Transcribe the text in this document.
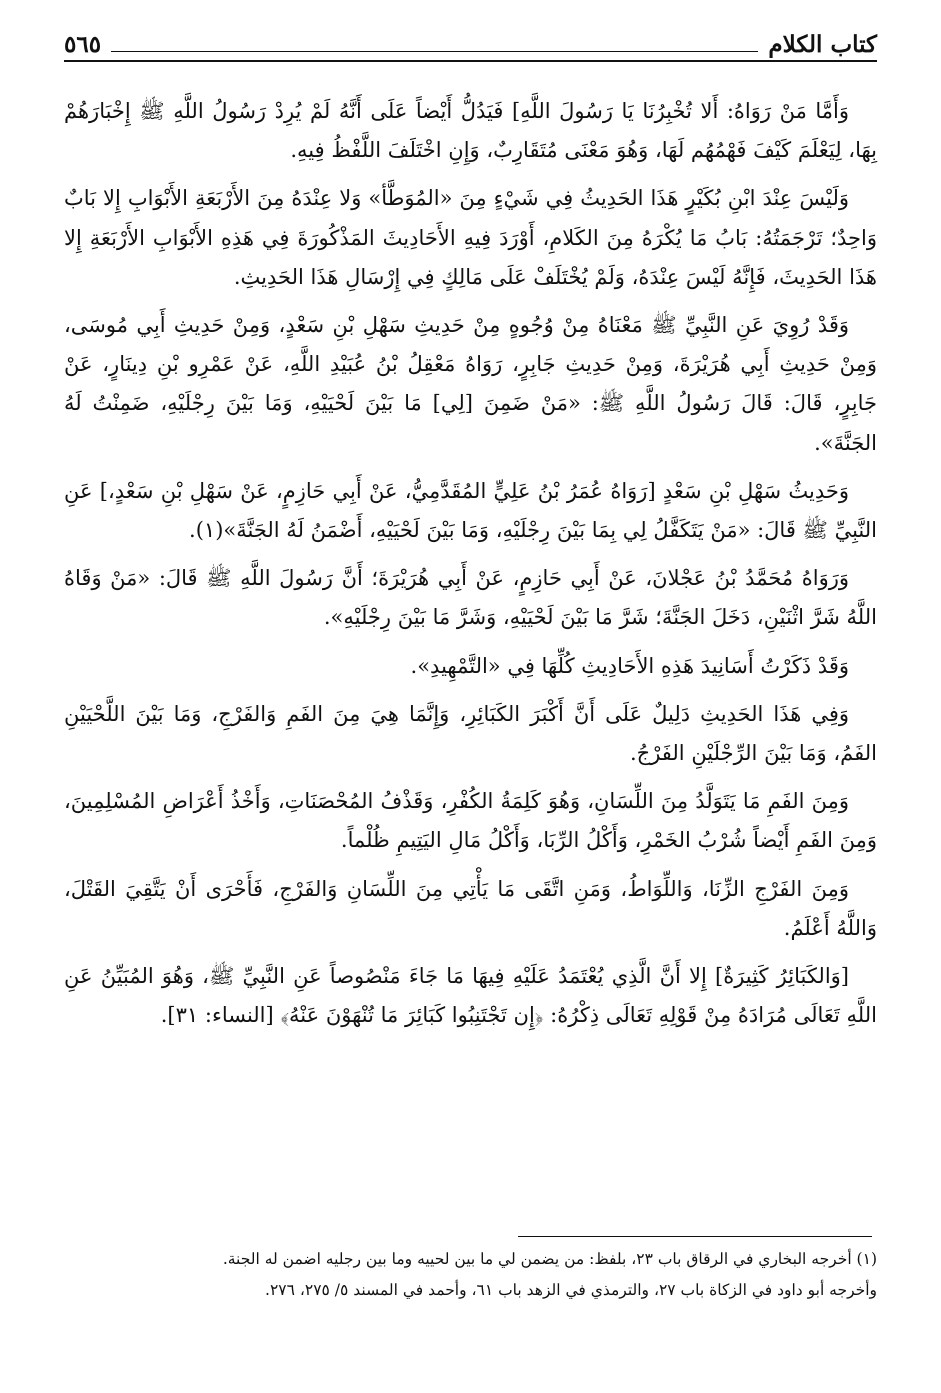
كتاب الكلام
٥٦٥

وَأَمَّا مَنْ رَوَاهُ: أَلا تُخْبِرُنَا يَا رَسُولَ اللَّهِ] فَيَدُلُّ أَيْضاً عَلَى أَنَّهُ لَمْ يُرِدْ رَسُولُ اللَّهِ ﷺ إِخْبَارَهُمْ بِهَا، لِيَعْلَمَ كَيْفَ فَهْمُهُم لَهَا، وَهُوَ مَعْنَى مُتَقَارِبٌ، وَإِنِ اخْتَلَفَ اللَّفْظُ فِيهِ.

وَلَيْسَ عِنْدَ ابْنِ بُكَيْرٍ هَذَا الحَدِيثُ فِي شَيْءٍ مِنَ «المُوَطَّأ» وَلا عِنْدَهُ مِنَ الأَرْبَعَةِ الأَبْوَابِ إِلا بَابٌ وَاحِدٌ؛ تَرْجَمَتُهُ: بَابُ مَا يُكْرَهُ مِنَ الكَلامِ، أَوْرَدَ فِيهِ الأَحَادِيثَ المَذْكُورَةَ فِي هَذِهِ الأَبْوَابِ الأَرْبَعَةِ إِلا هَذَا الحَدِيثَ، فَإِنَّهُ لَيْسَ عِنْدَهُ، وَلَمْ يُخْتَلَفْ عَلَى مَالِكٍ فِي إِرْسَالِ هَذَا الحَدِيثِ.

وَقَدْ رُوِيَ عَنِ النَّبِيِّ ﷺ مَعْنَاهُ مِنْ وُجُوهٍ مِنْ حَدِيثِ سَهْلِ بْنِ سَعْدٍ، وَمِنْ حَدِيثِ أَبِي مُوسَى، وَمِنْ حَدِيثِ أَبِي هُرَيْرَةَ، وَمِنْ حَدِيثِ جَابِرٍ، رَوَاهُ مَعْقِلُ بْنُ عُبَيْدِ اللَّهِ، عَنْ عَمْرِو بْنِ دِينَارٍ، عَنْ جَابِرٍ، قَالَ: قَالَ رَسُولُ اللَّهِ ﷺ: «مَنْ ضَمِنَ [لِي] مَا بَيْنَ لَحْيَيْهِ، وَمَا بَيْنَ رِجْلَيْهِ، ضَمِنْتُ لَهُ الجَنَّةَ».

وَحَدِيثُ سَهْلِ بْنِ سَعْدٍ [رَوَاهُ عُمَرُ بْنُ عَلِيٍّ المُقَدَّمِيُّ، عَنْ أَبِي حَازِمٍ، عَنْ سَهْلِ بْنِ سَعْدٍ،] عَنِ النَّبِيِّ ﷺ قَالَ: «مَنْ يَتَكَفَّلُ لِي بِمَا بَيْنَ رِجْلَيْهِ، وَمَا بَيْنَ لَحْيَيْهِ، أَضْمَنُ لَهُ الجَنَّةَ»(١).

وَرَوَاهُ مُحَمَّدُ بْنُ عَجْلانَ، عَنْ أَبِي حَازِمٍ، عَنْ أَبِي هُرَيْرَةَ؛ أَنَّ رَسُولَ اللَّهِ ﷺ قَالَ: «مَنْ وَقَاهُ اللَّهُ شَرَّ اثْنَيْنِ، دَخَلَ الجَنَّةَ؛ شَرَّ مَا بَيْنَ لَحْيَيْهِ، وَشَرَّ مَا بَيْنَ رِجْلَيْهِ».

وَقَدْ ذَكَرْتُ أَسَانِيدَ هَذِهِ الأَحَادِيثِ كُلِّهَا فِي «التَّمْهِيدِ».

وَفِي هَذَا الحَدِيثِ دَلِيلٌ عَلَى أَنَّ أَكْبَرَ الكَبَائِرِ، وَإِنَّمَا هِيَ مِنَ الفَمِ وَالفَرْجِ، وَمَا بَيْنَ اللَّحْيَيْنِ الفَمُ، وَمَا بَيْنَ الرِّجْلَيْنِ الفَرْجُ.

وَمِنَ الفَمِ مَا يَتَوَلَّدُ مِنَ اللِّسَانِ، وَهُوَ كَلِمَةُ الكُفْرِ، وَقَذْفُ المُحْصَنَاتِ، وَأَخْذُ أَعْرَاضِ المُسْلِمِينَ، وَمِنَ الفَمِ أَيْضاً شُرْبُ الخَمْرِ، وَأَكْلُ الرِّبَا، وَأَكْلُ مَالِ اليَتِيمِ ظُلْماً.

وَمِنَ الفَرْجِ الزِّنَا، وَاللِّوَاطُ، وَمَنِ اتَّقَى مَا يَأْتِي مِنَ اللِّسَانِ وَالفَرْجِ، فَأَحْرَى أَنْ يَتَّقِيَ القَتْلَ، وَاللَّهُ أَعْلَمُ.

[وَالكَبَائِرُ كَثِيرَةٌ] إِلا أَنَّ الَّذِي يُعْتَمَدُ عَلَيْهِ فِيهَا مَا جَاءَ مَنْصُوصاً عَنِ النَّبِيِّ ﷺ، وَهُوَ المُبَيِّنُ عَنِ اللَّهِ تَعَالَى مُرَادَهُ مِنْ قَوْلِهِ تَعَالَى ذِكْرُهُ: ﴿إِن تَجْتَنِبُوا كَبَائِرَ مَا تُنْهَوْنَ عَنْهُ﴾ [النساء: ٣١].

(١) أخرجه البخاري في الرقاق باب ٢٣، بلفظ: من يضمن لي ما بين لحييه وما بين رجليه اضمن له الجنة.

وأخرجه أبو داود في الزكاة باب ٢٧، والترمذي في الزهد باب ٦١، وأحمد في المسند ٥/ ٢٧٥، ٢٧٦.
